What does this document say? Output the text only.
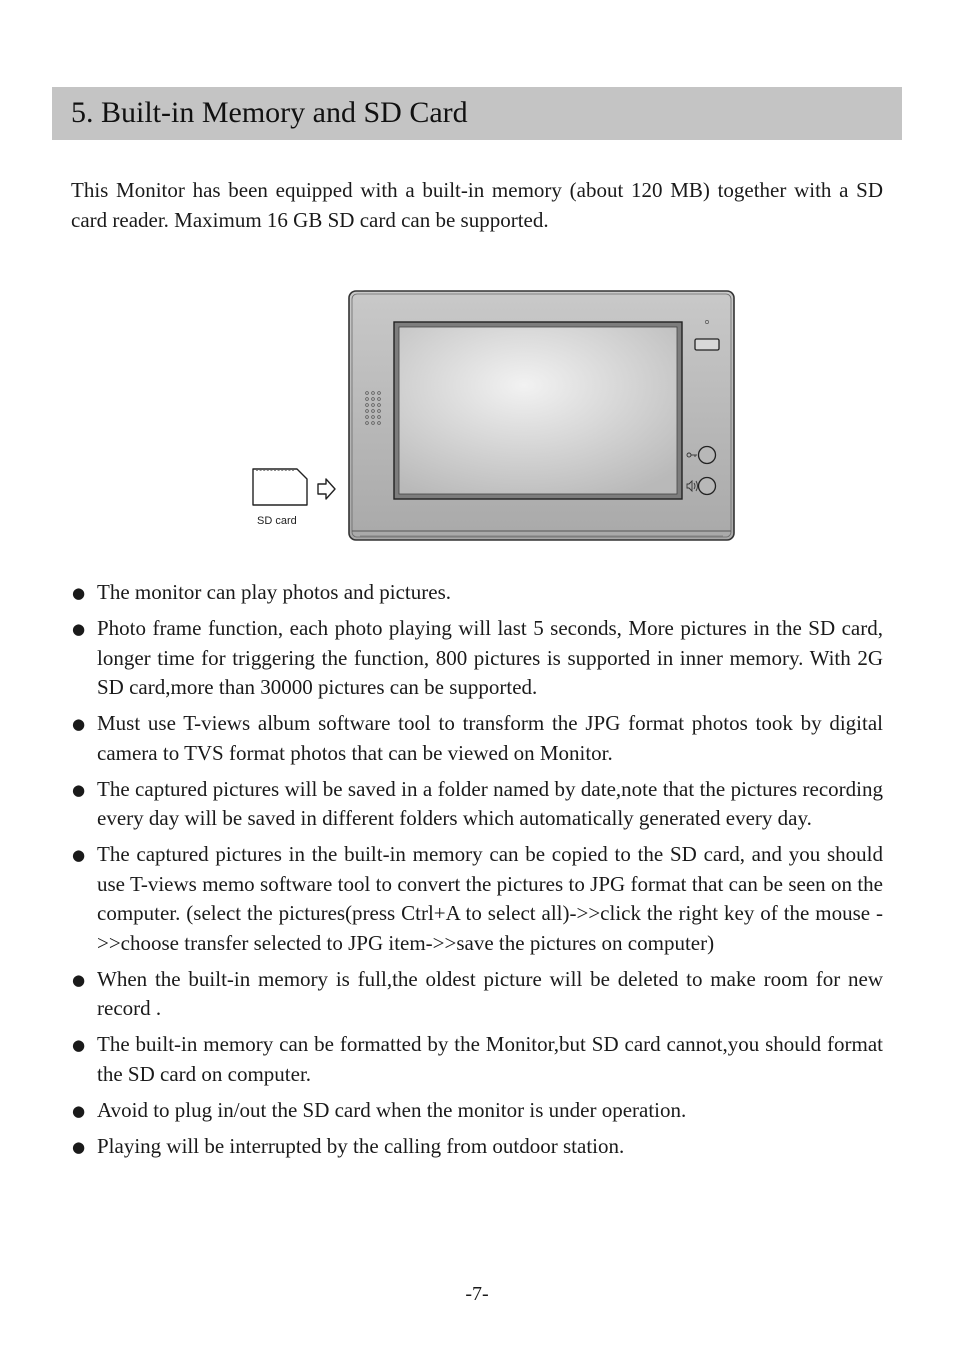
5. Built-in Memory and SD Card

This Monitor has been equipped with a built-in memory (about 120 MB) together with a SD card reader. Maximum 16 GB SD card can be supported.

SD card
● The monitor can play photos and pictures.
● Photo frame function, each photo playing will last 5 seconds, More pictures in the SD card, longer time for triggering the function, 800 pictures is supported in inner memory. With 2G SD card,more than 30000 pictures can be supported.
● Must use T-views album software tool to transform the JPG format photos took by digital camera to TVS format photos that can be viewed on Monitor.
● The captured pictures will be saved in a folder named by date,note that the pictures recording every day will be saved in different folders which automatically generated every day.
● The captured pictures in the built-in memory can be copied to the SD card, and you should use T-views memo software tool to convert the pictures to JPG format that can be seen on the computer. (select the pictures(press Ctrl+A to select all)->>click the right key of the mouse ->>choose transfer selected to JPG item->>save the pictures on computer)
● When the built-in memory is full,the oldest picture will be deleted to make room for new record .
● The built-in memory can be formatted by the Monitor,but SD card cannot,you should format the SD card on computer.
● Avoid to plug in/out the SD card when the monitor is under operation.
● Playing will be interrupted by the calling from outdoor station.
-7-
